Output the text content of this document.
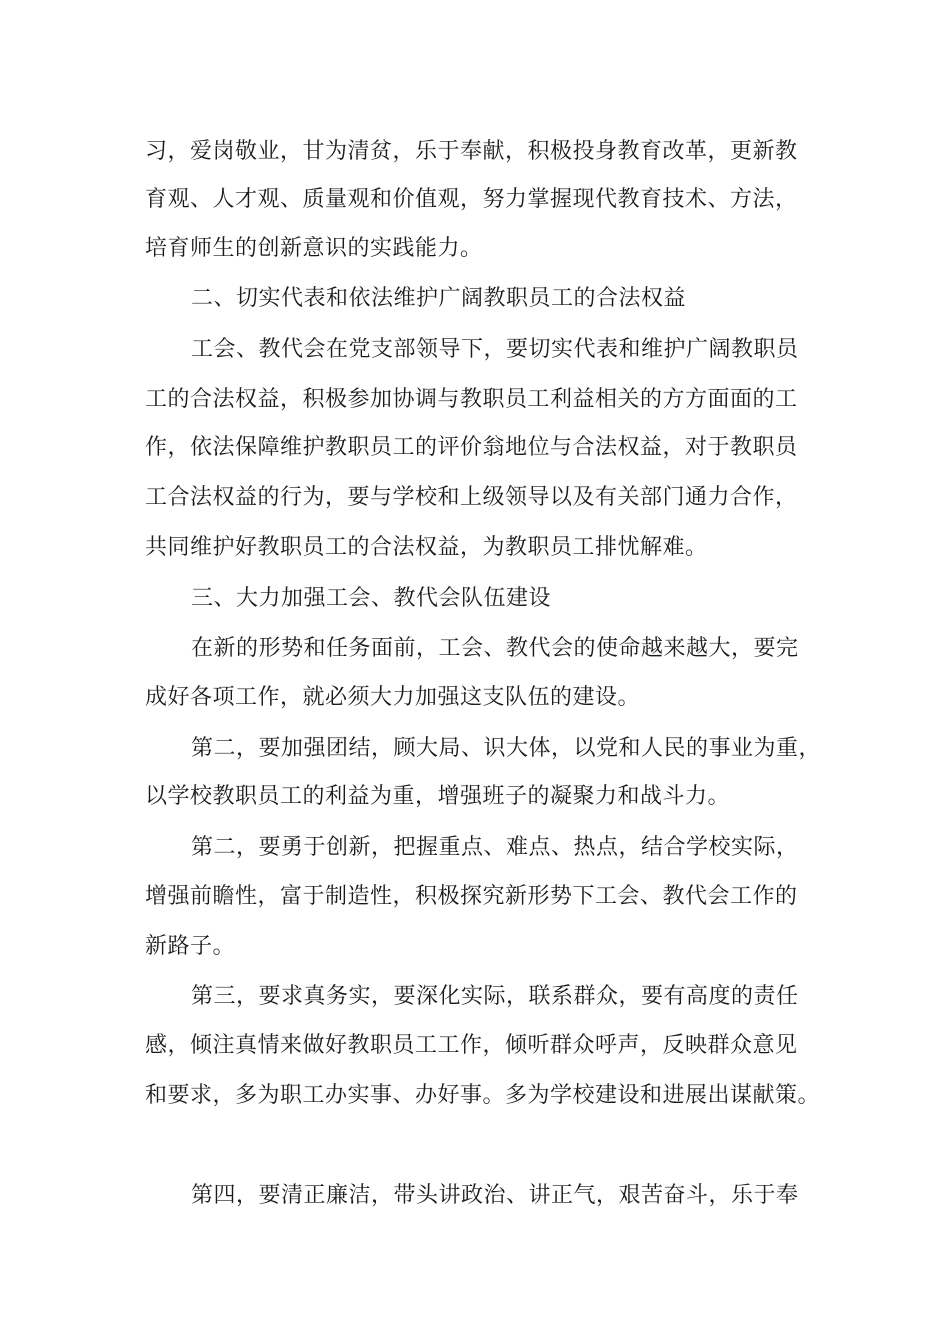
习，爱岗敬业，甘为清贫，乐于奉献，积极投身教育改革，更新教
育观、人才观、质量观和价值观，努力掌握现代教育技术、方法，
培育师生的创新意识的实践能力。
二、切实代表和依法维护广阔教职员工的合法权益
工会、教代会在党支部领导下，要切实代表和维护广阔教职员
工的合法权益，积极参加协调与教职员工利益相关的方方面面的工
作，依法保障维护教职员工的评价翁地位与合法权益，对于教职员
工合法权益的行为，要与学校和上级领导以及有关部门通力合作，
共同维护好教职员工的合法权益，为教职员工排忧解难。
三、大力加强工会、教代会队伍建设
在新的形势和任务面前，工会、教代会的使命越来越大，要完
成好各项工作，就必须大力加强这支队伍的建设。
第二，要加强团结，顾大局、识大体，以党和人民的事业为重，
以学校教职员工的利益为重，增强班子的凝聚力和战斗力。
第二，要勇于创新，把握重点、难点、热点，结合学校实际，
增强前瞻性，富于制造性，积极探究新形势下工会、教代会工作的
新路子。
第三，要求真务实，要深化实际，联系群众，要有高度的责任
感，倾注真情来做好教职员工工作，倾听群众呼声，反映群众意见
和要求，多为职工办实事、办好事。多为学校建设和进展出谋献策。
第四，要清正廉洁，带头讲政治、讲正气，艰苦奋斗，乐于奉
